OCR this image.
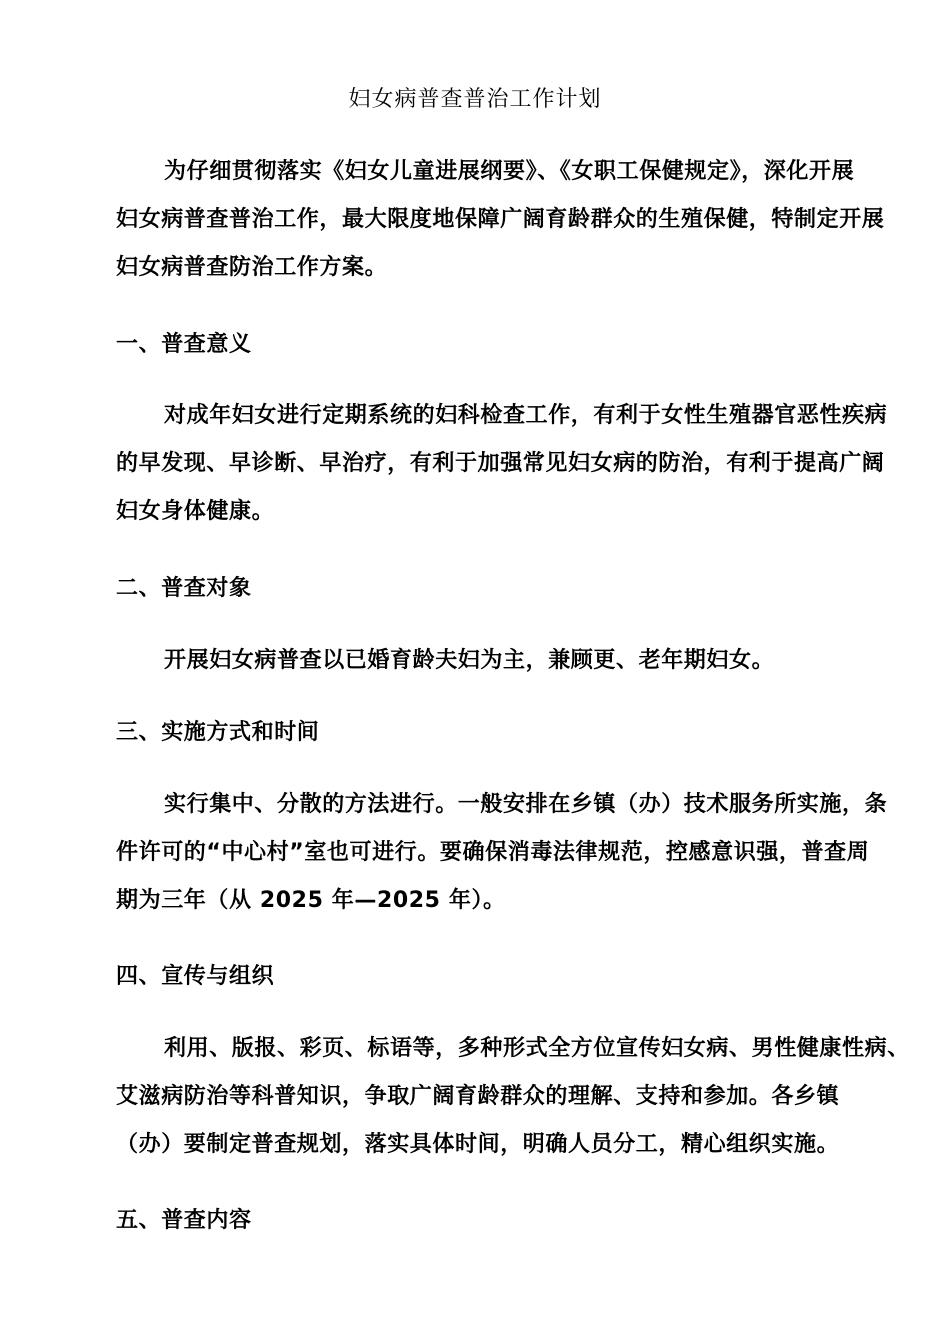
妇女病普查普治工作计划

为仔细贯彻落实《妇女儿童进展纲要》、《女职工保健规定》，深化开展
妇女病普查普治工作，最大限度地保障广阔育龄群众的生殖保健，特制定开展
妇女病普查防治工作方案。

一、普查意义

对成年妇女进行定期系统的妇科检查工作，有利于女性生殖器官恶性疾病
的早发现、早诊断、早治疗，有利于加强常见妇女病的防治，有利于提高广阔
妇女身体健康。

二、普查对象

开展妇女病普查以已婚育龄夫妇为主，兼顾更、老年期妇女。

三、实施方式和时间

实行集中、分散的方法进行。一般安排在乡镇（办）技术服务所实施，条
件许可的“中心村”室也可进行。要确保消毒法律规范，控感意识强，普查周
期为三年（从 2025 年—2025 年）。

四、宣传与组织

利用、版报、彩页、标语等，多种形式全方位宣传妇女病、男性健康性病、
艾滋病防治等科普知识，争取广阔育龄群众的理解、支持和参加。各乡镇
（办）要制定普查规划，落实具体时间，明确人员分工，精心组织实施。

五、普查内容
